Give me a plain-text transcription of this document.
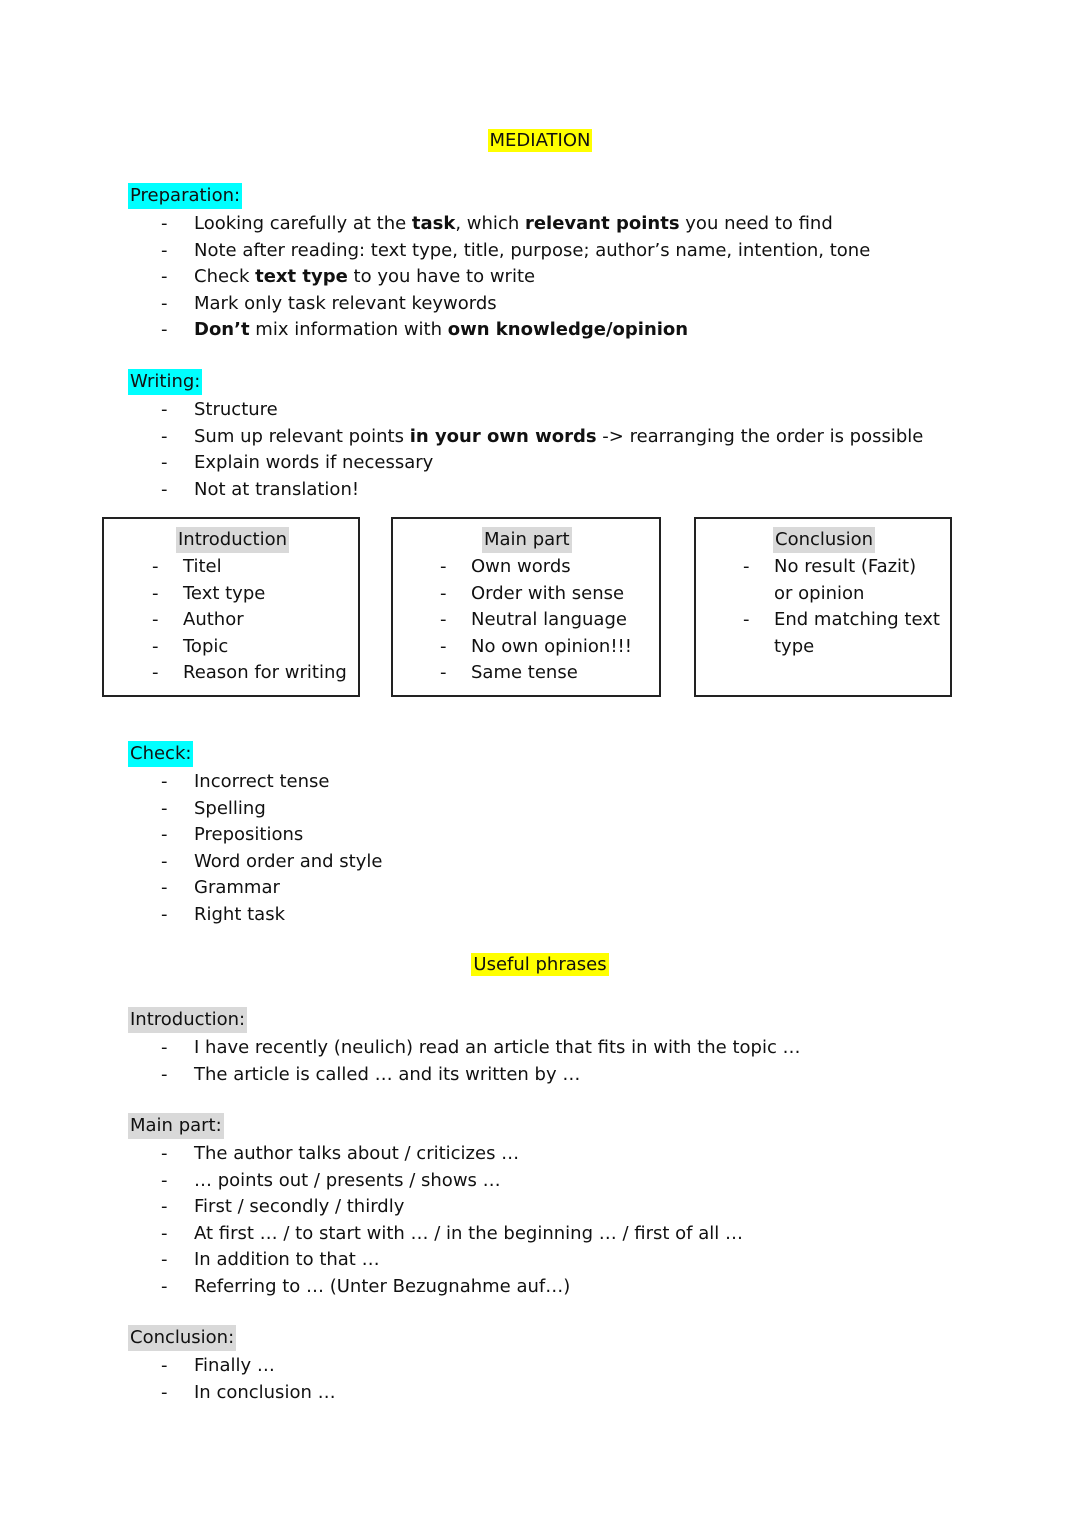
MEDIATION
Preparation:
- Looking carefully at the task, which relevant points you need to find
- Note after reading: text type, title, purpose; author’s name, intention, tone
- Check text type to you have to write
- Mark only task relevant keywords
- Don’t mix information with own knowledge/opinion
Writing:
- Structure
- Sum up relevant points in your own words -> rearranging the order is possible
- Explain words if necessary
- Not at translation!
Introduction
- Titel
- Text type
- Author
- Topic
- Reason for writing
Main part
- Own words
- Order with sense
- Neutral language
- No own opinion!!!
- Same tense
Conclusion
- No result (Fazit)
or opinion
- End matching text
type
Check:
- Incorrect tense
- Spelling
- Prepositions
- Word order and style
- Grammar
- Right task
Useful phrases
Introduction:
- I have recently (neulich) read an article that fits in with the topic …
- The article is called … and its written by …
Main part:
- The author talks about / criticizes …
- … points out / presents / shows …
- First / secondly / thirdly
- At first … / to start with … / in the beginning … / first of all …
- In addition to that …
- Referring to … (Unter Bezugnahme auf…)
Conclusion:
- Finally …
- In conclusion …
